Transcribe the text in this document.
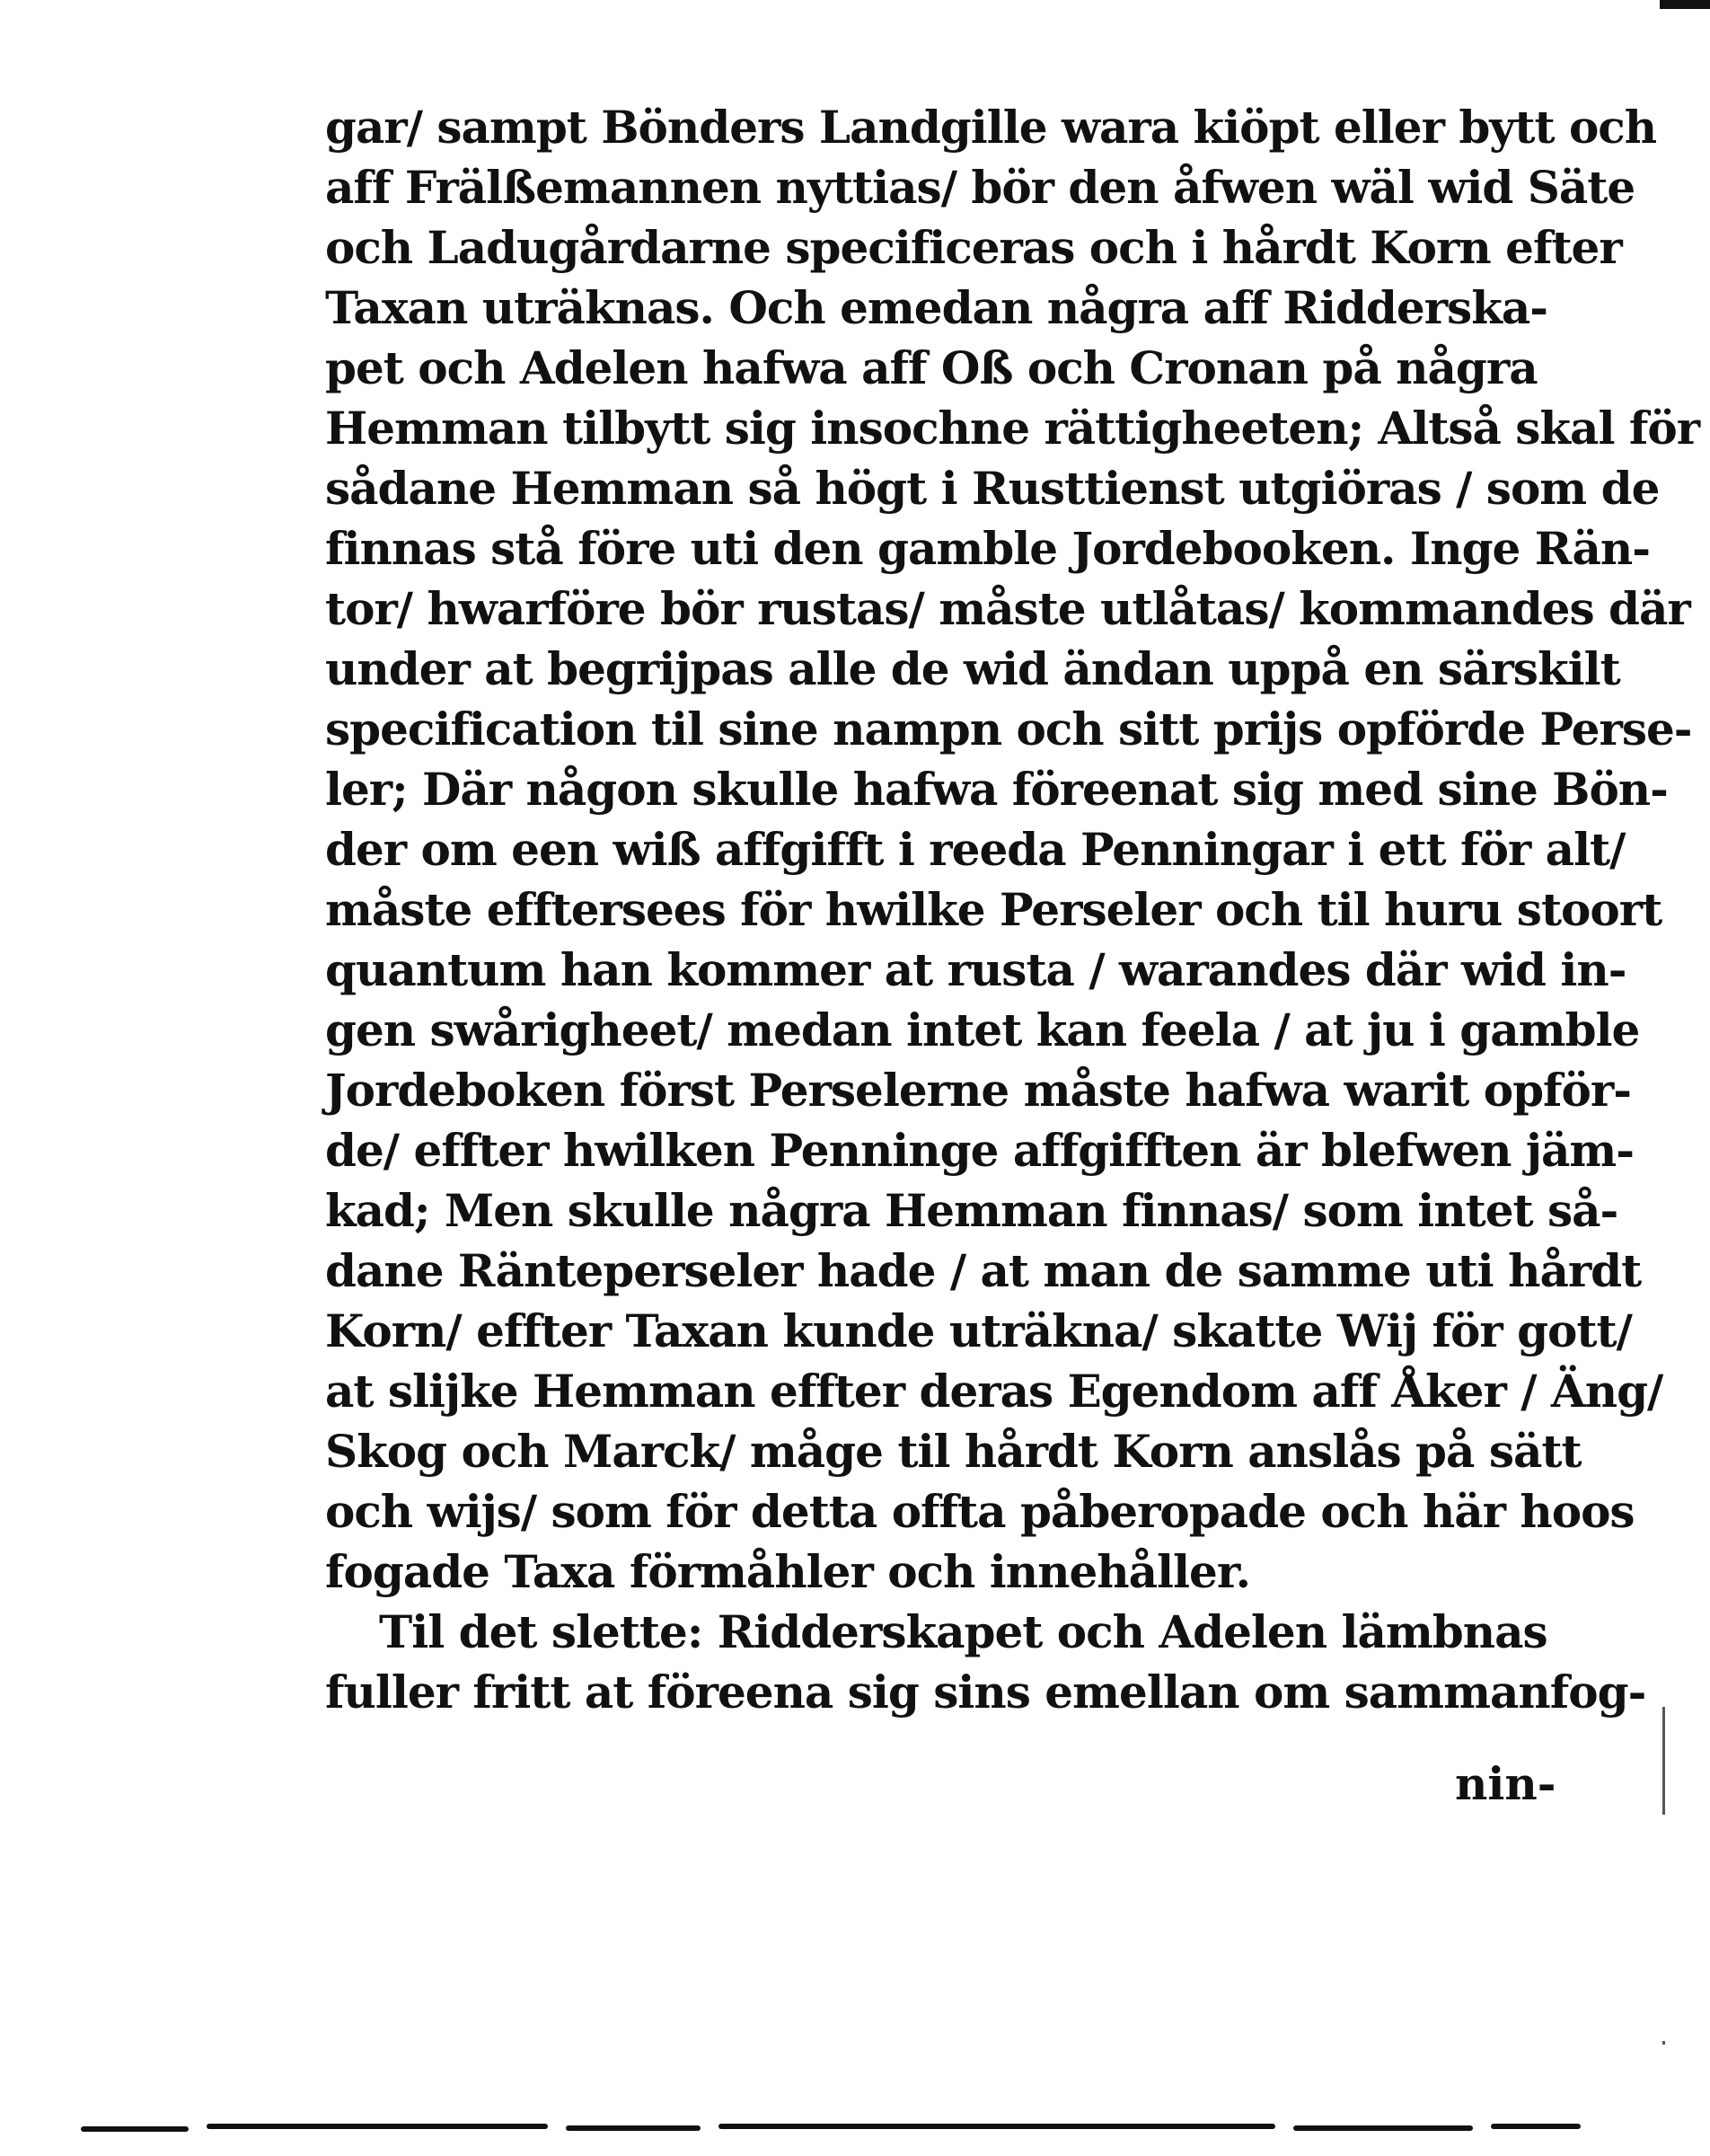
gar/ sampt Bönders Landgille wara kiöpt eller bytt och
aff Frälßemannen nyttias/ bör den åfwen wäl wid Säte
och Ladugårdarne specificeras och i hårdt Korn efter
Taxan uträknas. Och emedan några aff Ridderska-
pet och Adelen hafwa aff Oß och Cronan på några
Hemman tilbytt sig insochne rättigheeten; Altså skal för
sådane Hemman så högt i Rusttienst utgiöras / som de
finnas stå före uti den gamble Jordebooken. Inge Rän-
tor/ hwarföre bör rustas/ måste utlåtas/ kommandes där
under at begrijpas alle de wid ändan uppå en särskilt
specification til sine nampn och sitt prijs opförde Perse-
ler; Där någon skulle hafwa föreenat sig med sine Bön-
der om een wiß affgifft i reeda Penningar i ett för alt/
måste efftersees för hwilke Perseler och til huru stoort
quantum han kommer at rusta / warandes där wid in-
gen swårigheet/ medan intet kan feela / at ju i gamble
Jordeboken först Perselerne måste hafwa warit opför-
de/ effter hwilken Penninge affgifften är blefwen jäm-
kad; Men skulle några Hemman finnas/ som intet så-
dane Ränteperseler hade / at man de samme uti hårdt
Korn/ effter Taxan kunde uträkna/ skatte Wij för gott/
at slijke Hemman effter deras Egendom aff Åker / Äng/
Skog och Marck/ måge til hårdt Korn anslås på sätt
och wijs/ som för detta offta påberopade och här hoos
fogade Taxa förmåhler och innehåller.
Til det slette: Ridderskapet och Adelen lämbnas
fuller fritt at föreena sig sins emellan om sammanfog-
nin-
